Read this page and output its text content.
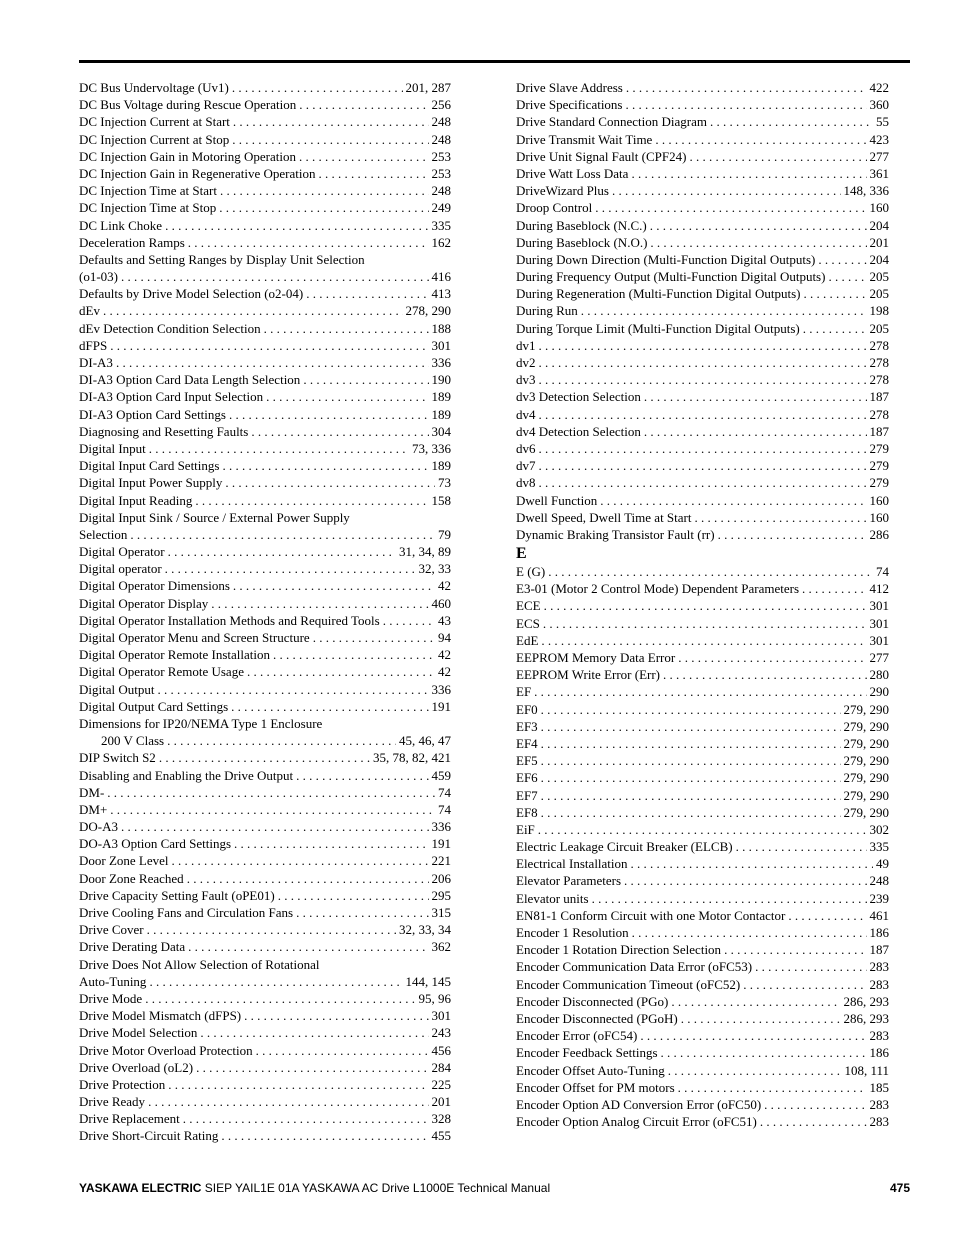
DC Bus Undervoltage (Uv1) . . .	201, 287
DC Bus Voltage during Rescue Operation . . .	256
DC Injection Current at Start . . .	248
DC Injection Current at Stop . . .	248
DC Injection Gain in Motoring Operation . . .	253
DC Injection Gain in Regenerative Operation . . .	253
DC Injection Time at Start . . .	248
DC Injection Time at Stop . . .	249
DC Link Choke . . .	335
Deceleration Ramps . . .	162
Defaults and Setting Ranges by Display Unit Selection
(o1-03) . . .	416
Defaults by Drive Model Selection (o2-04) . . .	413
dEv . . .	278, 290
dEv Detection Condition Selection . . .	188
dFPS . . .	301
DI-A3 . . .	336
DI-A3 Option Card Data Length Selection . . .	190
DI-A3 Option Card Input Selection . . .	189
DI-A3 Option Card Settings . . .	189
Diagnosing and Resetting Faults . . .	304
Digital Input . . .	73, 336
Digital Input Card Settings . . .	189
Digital Input Power Supply . . .	73
Digital Input Reading . . .	158
Digital Input Sink / Source / External Power Supply
Selection . . .	79
Digital Operator . . .	31, 34, 89
Digital operator . . .	32, 33
Digital Operator Dimensions . . .	42
Digital Operator Display . . .	460
Digital Operator Installation Methods and Required Tools . . .	43
Digital Operator Menu and Screen Structure . . .	94
Digital Operator Remote Installation . . .	42
Digital Operator Remote Usage . . .	42
Digital Output . . .	336
Digital Output Card Settings . . .	191
Dimensions for IP20/NEMA Type 1 Enclosure
200 V Class . . .	45, 46, 47
DIP Switch S2 . . .	35, 78, 82, 421
Disabling and Enabling the Drive Output . . .	459
DM- . . .	74
DM+ . . .	74
DO-A3 . . .	336
DO-A3 Option Card Settings . . .	191
Door Zone Level . . .	221
Door Zone Reached . . .	206
Drive Capacity Setting Fault (oPE01) . . .	295
Drive Cooling Fans and Circulation Fans . . .	315
Drive Cover . . .	32, 33, 34
Drive Derating Data . . .	362
Drive Does Not Allow Selection of Rotational
Auto-Tuning . . .	144, 145
Drive Mode . . .	95, 96
Drive Model Mismatch (dFPS) . . .	301
Drive Model Selection . . .	243
Drive Motor Overload Protection . . .	456
Drive Overload (oL2) . . .	284
Drive Protection . . .	225
Drive Ready . . .	201
Drive Replacement . . .	328
Drive Short-Circuit Rating . . .	455
Drive Slave Address . . .	422
Drive Specifications . . .	360
Drive Standard Connection Diagram . . .	55
Drive Transmit Wait Time . . .	423
Drive Unit Signal Fault (CPF24) . . .	277
Drive Watt Loss Data . . .	361
DriveWizard Plus . . .	148, 336
Droop Control . . .	160
During Baseblock (N.C.) . . .	204
During Baseblock (N.O.) . . .	201
During Down Direction (Multi-Function Digital Outputs) . . .	204
During Frequency Output (Multi-Function Digital Outputs) . . .	205
During Regeneration (Multi-Function Digital Outputs) . . .	205
During Run . . .	198
During Torque Limit (Multi-Function Digital Outputs) . . .	205
dv1 . . .	278
dv2 . . .	278
dv3 . . .	278
dv3 Detection Selection . . .	187
dv4 . . .	278
dv4 Detection Selection . . .	187
dv6 . . .	279
dv7 . . .	279
dv8 . . .	279
Dwell Function . . .	160
Dwell Speed, Dwell Time at Start . . .	160
Dynamic Braking Transistor Fault (rr) . . .	286
E
E (G) . . .	74
E3-01 (Motor 2 Control Mode) Dependent Parameters . . .	412
ECE . . .	301
ECS . . .	301
EdE . . .	301
EEPROM Memory Data Error . . .	277
EEPROM Write Error (Err) . . .	280
EF . . .	290
EF0 . . .	279, 290
EF3 . . .	279, 290
EF4 . . .	279, 290
EF5 . . .	279, 290
EF6 . . .	279, 290
EF7 . . .	279, 290
EF8 . . .	279, 290
EiF . . .	302
Electric Leakage Circuit Breaker (ELCB) . . .	335
Electrical Installation . . .	49
Elevator Parameters . . .	248
Elevator units . . .	239
EN81-1 Conform Circuit with one Motor Contactor . . .	461
Encoder 1 Resolution . . .	186
Encoder 1 Rotation Direction Selection . . .	187
Encoder Communication Data Error (oFC53) . . .	283
Encoder Communication Timeout (oFC52) . . .	283
Encoder Disconnected (PGo) . . .	286, 293
Encoder Disconnected (PGoH) . . .	286, 293
Encoder Error (oFC54) . . .	283
Encoder Feedback Settings . . .	186
Encoder Offset Auto-Tuning . . .	108, 111
Encoder Offset for PM motors . . .	185
Encoder Option AD Conversion Error (oFC50) . . .	283
Encoder Option Analog Circuit Error (oFC51) . . .	283
YASKAWA ELECTRIC SIEP YAIL1E 01A YASKAWA AC Drive L1000E Technical Manual	475
